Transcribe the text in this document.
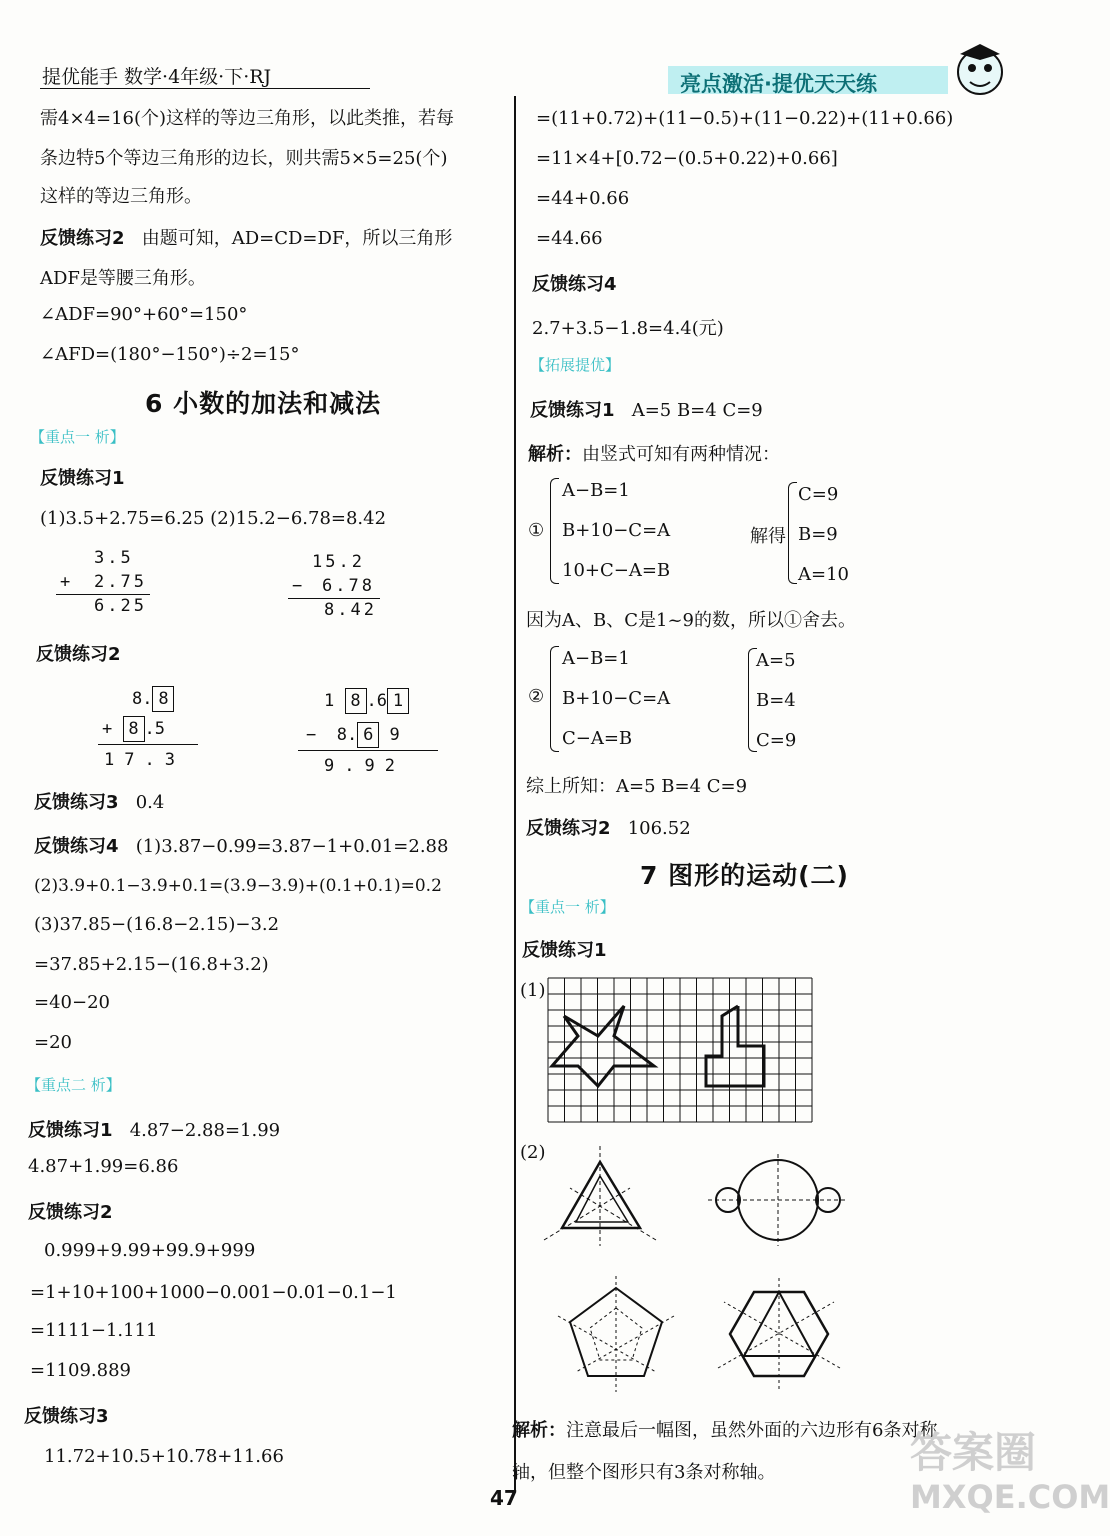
提优能手 数学·4年级·下·RJ	亮点激活·提优天天练
需4×4=16(个)这样的等边三角形，以此类推，若每
条边特5个等边三角形的边长，则共需5×5=25(个)
这样的等边三角形。
反馈练习2 由题可知，AD=CD=DF，所以三角形
ADF是等腰三角形。
∠ADF=90°+60°=150°
∠AFD=(180°−150°)÷2=15°
6 小数的加法和减法
【重点一 析】
反馈练习1
(1)3.5+2.75=6.25 (2)15.2−6.78=8.42
3.5
+ 2.75
6.25
15.2
− 6.78
8.42
反馈练习2
8. 8
+ 8 .5
17.3
1 8 .6 1
− 8. 6 9
9.92
反馈练习3 0.4
反馈练习4 (1)3.87−0.99=3.87−1+0.01=2.88
(2)3.9+0.1−3.9+0.1=(3.9−3.9)+(0.1+0.1)=0.2
(3)37.85−(16.8−2.15)−3.2
=37.85+2.15−(16.8+3.2)
=40−20
=20
【重点二 析】
反馈练习1 4.87−2.88=1.99
4.87+1.99=6.86
反馈练习2
0.999+9.99+99.9+999
=1+10+100+1000−0.001−0.01−0.1−1
=1111−1.111
=1109.889
反馈练习3
11.72+10.5+10.78+11.66
=(11+0.72)+(11−0.5)+(11−0.22)+(11+0.66)
=11×4+[0.72−(0.5+0.22)+0.66]
=44+0.66
=44.66
反馈练习4
2.7+3.5−1.8=4.4(元)
【拓展提优】
反馈练习1 A=5 B=4 C=9
解析：由竖式可知有两种情况：
①
A−B=1
B+10−C=A
10+C−A=B
解得
C=9
B=9
A=10
因为A、B、C是1~9的数，所以①舍去。
②
A−B=1
B+10−C=A
C−A=B
A=5
B=4
C=9
综上所知：A=5 B=4 C=9
反馈练习2 106.52
7 图形的运动(二)
【重点一 析】
反馈练习1
(1)
(2)
解析：注意最后一幅图，虽然外面的六边形有6条对称
轴，但整个图形只有3条对称轴。
47
答案圈
MXQE.COM
